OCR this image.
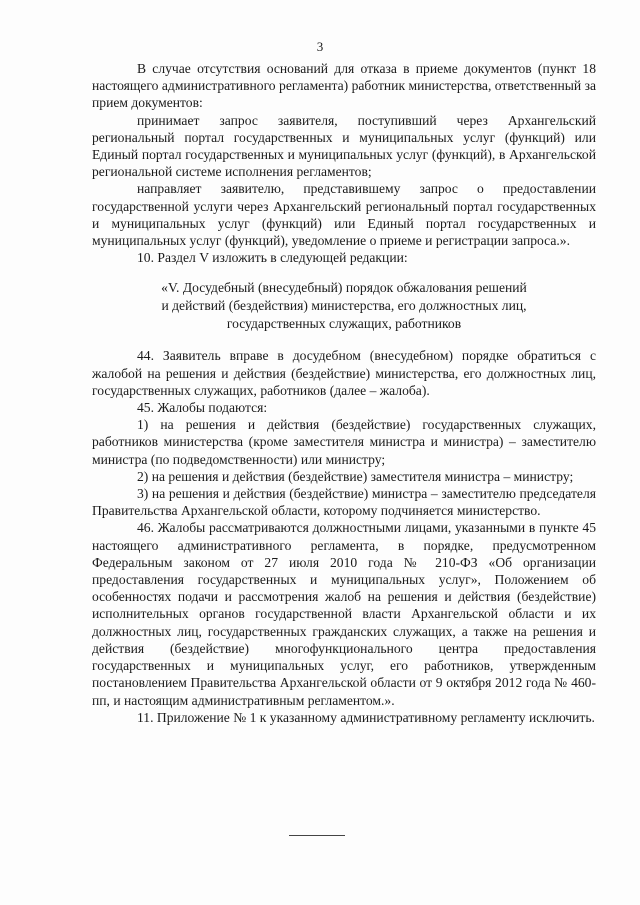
3

В случае отсутствия оснований для отказа в приеме документов (пункт 18 настоящего административного регламента) работник министерства, ответственный за прием документов:

принимает запрос заявителя, поступивший через Архангельский региональный портал государственных и муниципальных услуг (функций) или Единый портал государственных и муниципальных услуг (функций), в Архангельской региональной системе исполнения регламентов;

направляет заявителю, представившему запрос о предоставлении государственной услуги через Архангельский региональный портал государственных и муниципальных услуг (функций) или Единый портал государственных и муниципальных услуг (функций), уведомление о приеме и регистрации запроса.».

10. Раздел V изложить в следующей редакции:

«V. Досудебный (внесудебный) порядок обжалования решений
и действий (бездействия) министерства, его должностных лиц,
государственных служащих, работников

44. Заявитель вправе в досудебном (внесудебном) порядке обратиться с жалобой на решения и действия (бездействие) министерства, его должностных лиц, государственных служащих, работников (далее – жалоба).

45. Жалобы подаются:

1) на решения и действия (бездействие) государственных служащих, работников министерства (кроме заместителя министра и министра) – заместителю министра (по подведомственности) или министру;

2) на решения и действия (бездействие) заместителя министра – министру;

3) на решения и действия (бездействие) министра – заместителю председателя Правительства Архангельской области, которому подчиняется министерство.

46. Жалобы рассматриваются должностными лицами, указанными в пункте 45 настоящего административного регламента, в порядке, предусмотренном Федеральным законом от 27 июля 2010 года № 210-ФЗ «Об организации предоставления государственных и муниципальных услуг», Положением об особенностях подачи и рассмотрения жалоб на решения и действия (бездействие) исполнительных органов государственной власти Архангельской области и их должностных лиц, государственных гражданских служащих, а также на решения и действия (бездействие) многофункционального центра предоставления государственных и муниципальных услуг, его работников, утвержденным постановлением Правительства Архангельской области от 9 октября 2012 года № 460-пп, и настоящим административным регламентом.».

11. Приложение № 1 к указанному административному регламенту исключить.
